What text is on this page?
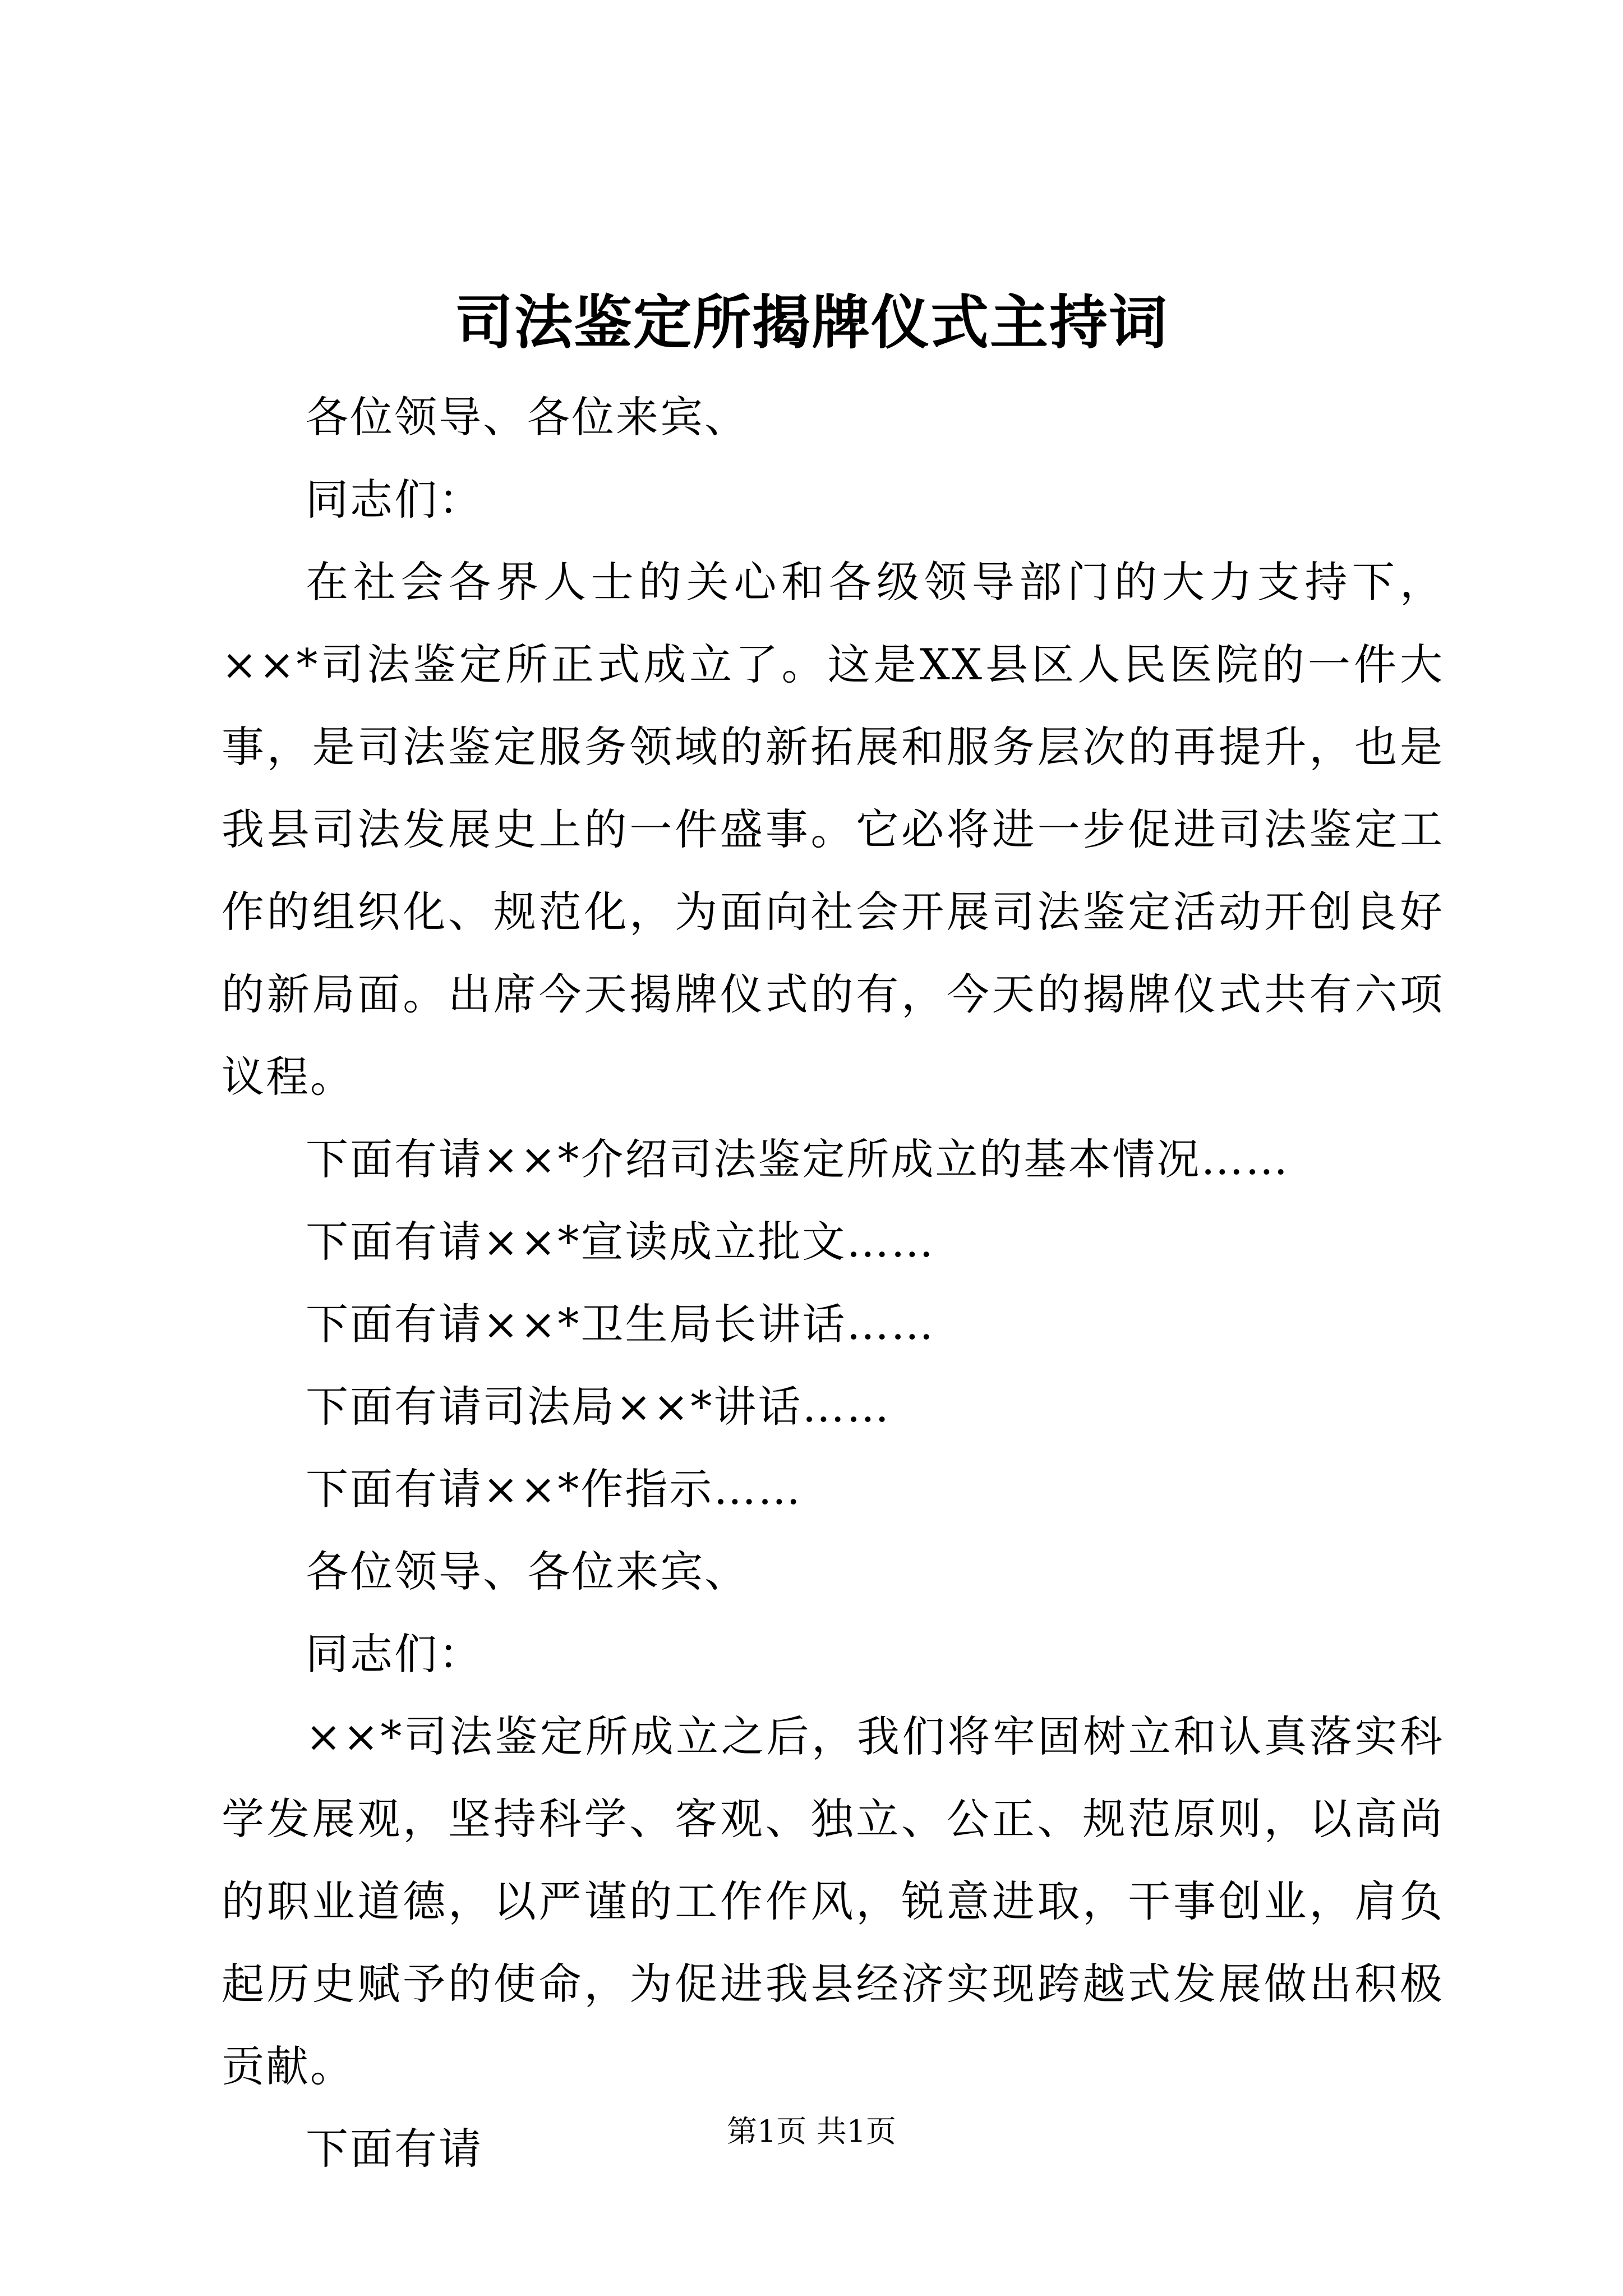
司法鉴定所揭牌仪式主持词

各位领导、各位来宾、

同志们：

在社会各界人士的关心和各级领导部门的大力支持下，××*司法鉴定所正式成立了。这是XX县区人民医院的一件大事，是司法鉴定服务领域的新拓展和服务层次的再提升，也是我县司法发展史上的一件盛事。它必将进一步促进司法鉴定工作的组织化、规范化，为面向社会开展司法鉴定活动开创良好的新局面。出席今天揭牌仪式的有，今天的揭牌仪式共有六项议程。

下面有请××*介绍司法鉴定所成立的基本情况……

下面有请××*宣读成立批文……

下面有请××*卫生局长讲话……

下面有请司法局××*讲话……

下面有请××*作指示……

各位领导、各位来宾、

同志们：

××*司法鉴定所成立之后，我们将牢固树立和认真落实科学发展观，坚持科学、客观、独立、公正、规范原则，以高尚的职业道德，以严谨的工作作风，锐意进取，干事创业，肩负起历史赋予的使命，为促进我县经济实现跨越式发展做出积极贡献。

下面有请	第1页 共1页
